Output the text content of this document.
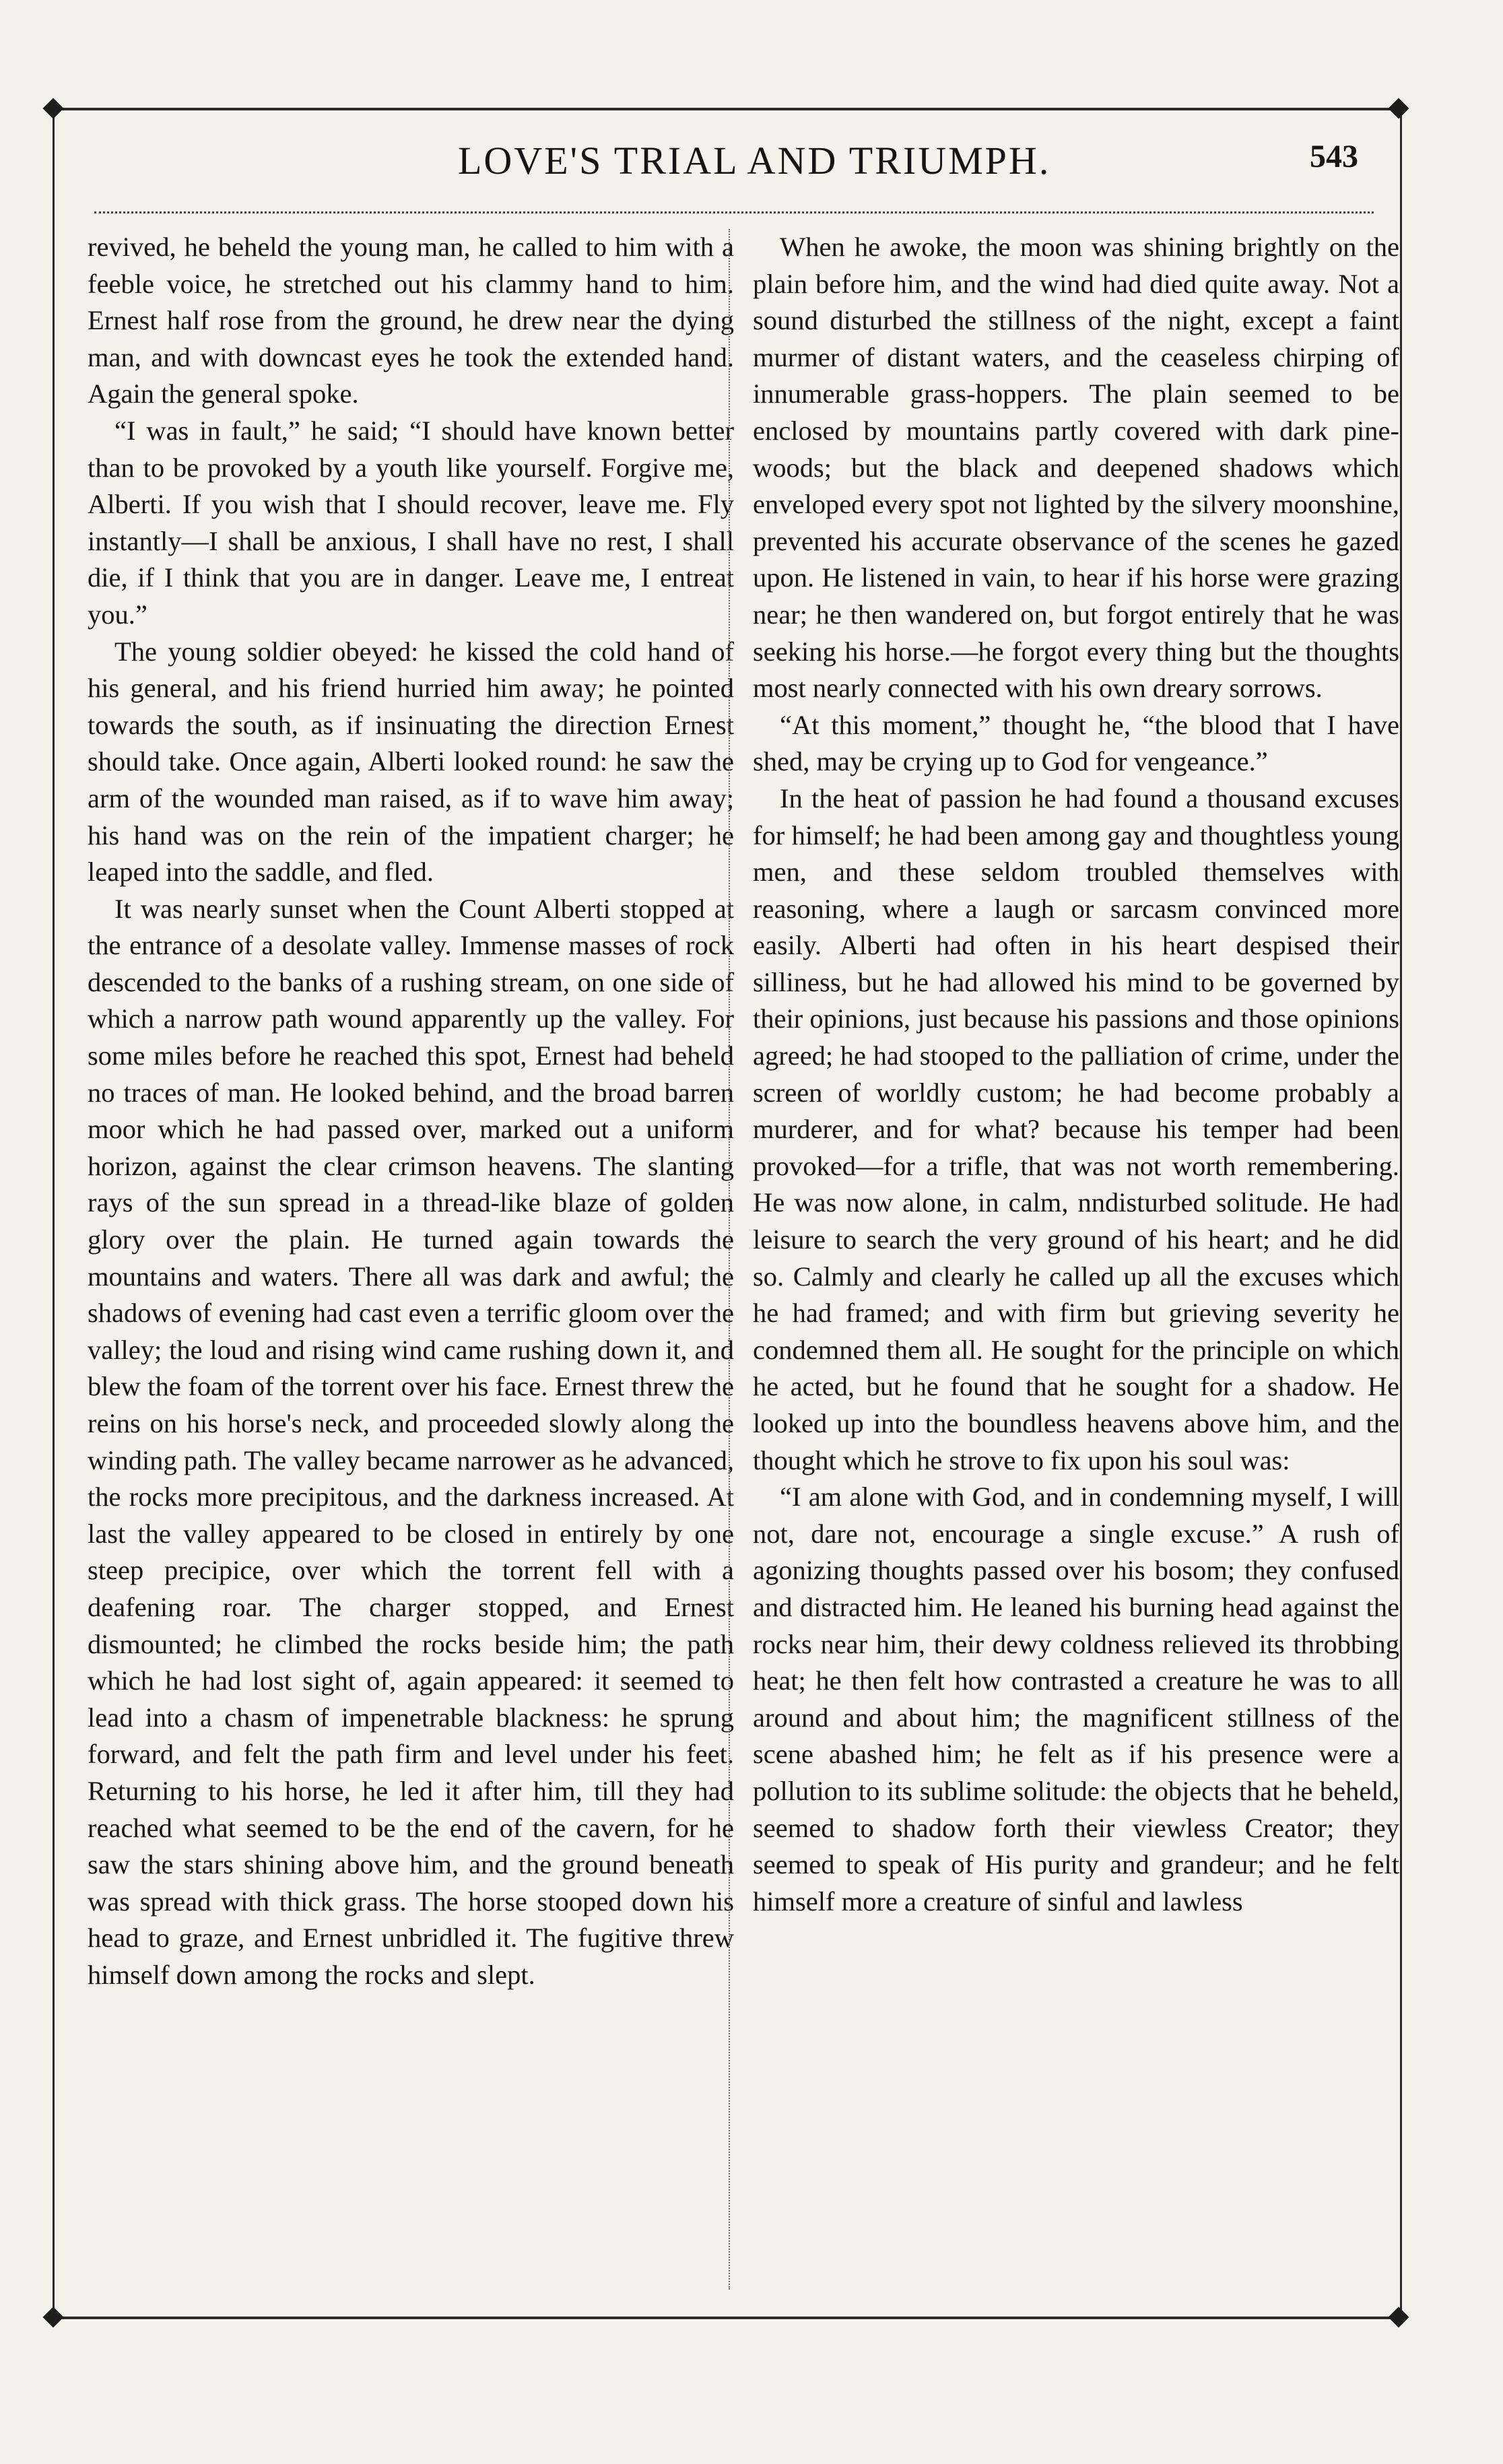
LOVE'S TRIAL AND TRIUMPH.	543

revived, he beheld the young man, he called to him with a feeble voice, he stretched out his clammy hand to him. Ernest half rose from the ground, he drew near the dying man, and with downcast eyes he took the extended hand. Again the general spoke.

“I was in fault,” he said; “I should have known better than to be provoked by a youth like yourself. Forgive me, Alberti. If you wish that I should recover, leave me. Fly instantly—I shall be anxious, I shall have no rest, I shall die, if I think that you are in danger. Leave me, I entreat you.”

The young soldier obeyed: he kissed the cold hand of his general, and his friend hurried him away; he pointed towards the south, as if insinuating the direction Ernest should take. Once again, Alberti looked round: he saw the arm of the wounded man raised, as if to wave him away; his hand was on the rein of the impatient charger; he leaped into the saddle, and fled.

It was nearly sunset when the Count Alberti stopped at the entrance of a desolate valley. Immense masses of rock descended to the banks of a rushing stream, on one side of which a narrow path wound apparently up the valley. For some miles before he reached this spot, Ernest had beheld no traces of man. He looked behind, and the broad barren moor which he had passed over, marked out a uniform horizon, against the clear crimson heavens. The slanting rays of the sun spread in a thread-like blaze of golden glory over the plain. He turned again towards the mountains and waters. There all was dark and awful; the shadows of evening had cast even a terrific gloom over the valley; the loud and rising wind came rushing down it, and blew the foam of the torrent over his face. Ernest threw the reins on his horse's neck, and proceeded slowly along the winding path. The valley became narrower as he advanced, the rocks more precipitous, and the darkness increased. At last the valley appeared to be closed in entirely by one steep precipice, over which the torrent fell with a deafening roar. The charger stopped, and Ernest dismounted; he climbed the rocks beside him; the path which he had lost sight of, again appeared: it seemed to lead into a chasm of impenetrable blackness: he sprung forward, and felt the path firm and level under his feet. Returning to his horse, he led it after him, till they had reached what seemed to be the end of the cavern, for he saw the stars shining above him, and the ground beneath was spread with thick grass. The horse stooped down his head to graze, and Ernest unbridled it. The fugitive threw himself down among the rocks and slept.

When he awoke, the moon was shining brightly on the plain before him, and the wind had died quite away. Not a sound disturbed the stillness of the night, except a faint murmer of distant waters, and the ceaseless chirping of innumerable grass-hoppers. The plain seemed to be enclosed by mountains partly covered with dark pine-woods; but the black and deepened shadows which enveloped every spot not lighted by the silvery moonshine, prevented his accurate observance of the scenes he gazed upon. He listened in vain, to hear if his horse were grazing near; he then wandered on, but forgot entirely that he was seeking his horse.—he forgot every thing but the thoughts most nearly connected with his own dreary sorrows.

“At this moment,” thought he, “the blood that I have shed, may be crying up to God for vengeance.”

In the heat of passion he had found a thousand excuses for himself; he had been among gay and thoughtless young men, and these seldom troubled themselves with reasoning, where a laugh or sarcasm convinced more easily. Alberti had often in his heart despised their silliness, but he had allowed his mind to be governed by their opinions, just because his passions and those opinions agreed; he had stooped to the palliation of crime, under the screen of worldly custom; he had become probably a murderer, and for what? because his temper had been provoked—for a trifle, that was not worth remembering. He was now alone, in calm, nndisturbed solitude. He had leisure to search the very ground of his heart; and he did so. Calmly and clearly he called up all the excuses which he had framed; and with firm but grieving severity he condemned them all. He sought for the principle on which he acted, but he found that he sought for a shadow. He looked up into the boundless heavens above him, and the thought which he strove to fix upon his soul was:

“I am alone with God, and in condemning myself, I will not, dare not, encourage a single excuse.” A rush of agonizing thoughts passed over his bosom; they confused and distracted him. He leaned his burning head against the rocks near him, their dewy coldness relieved its throbbing heat; he then felt how contrasted a creature he was to all around and about him; the magnificent stillness of the scene abashed him; he felt as if his presence were a pollution to its sublime solitude: the objects that he beheld, seemed to shadow forth their viewless Creator; they seemed to speak of His purity and grandeur; and he felt himself more a creature of sinful and lawless
